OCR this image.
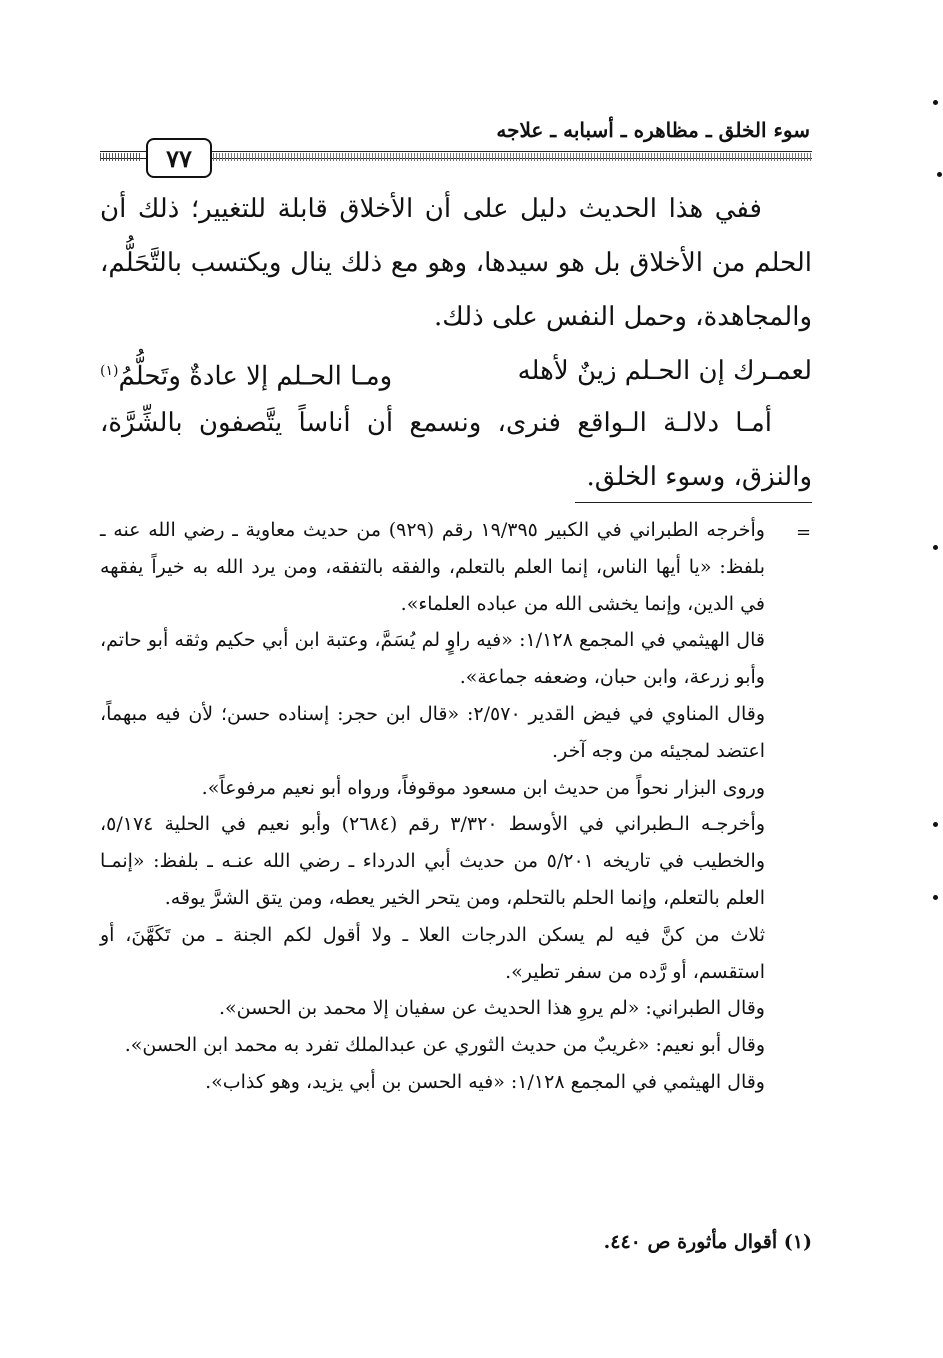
سوء الخلق ـ مظاهره ـ أسبابه ـ علاجه
٧٧

ففي هذا الحديث دليل على أن الأخلاق قابلة للتغيير؛ ذلك أن الحلم من الأخلاق بل هو سيدها، وهو مع ذلك ينال ويكتسب بالتَّحَلُّم، والمجاهدة، وحمل النفس على ذلك.

لعمـرك إن الحـلم زينٌ لأهله
ومـا الحـلم إلا عادةٌ وتَحلُّمُ$^{(١)}$

أمـا دلالـة الـواقع فنرى، ونسمع أن أناساً يتَّصفون بالشِّرَّة، والنزق، وسوء الخلق.

=

وأخرجه الطبراني في الكبير ١٩/٣٩٥ رقم (٩٢٩) من حديث معاوية ـ رضي الله عنه ـ بلفظ: «يا أيها الناس، إنما العلم بالتعلم، والفقه بالتفقه، ومن يرد الله به خيراً يفقهه في الدين، وإنما يخشى الله من عباده العلماء».

قال الهيثمي في المجمع ١/١٢٨: «فيه راوٍ لم يُسَمَّ، وعتبة ابن أبي حكيم وثقه أبو حاتم، وأبو زرعة، وابن حبان، وضعفه جماعة».

وقال المناوي في فيض القدير ٢/٥٧٠: «قال ابن حجر: إسناده حسن؛ لأن فيه مبهماً، اعتضد لمجيئه من وجه آخر.

وروى البزار نحواً من حديث ابن مسعود موقوفاً، ورواه أبو نعيم مرفوعاً».

وأخرجـه الـطبراني في الأوسط ٣/٣٢٠ رقم (٢٦٨٤) وأبو نعيم في الحلية ٥/١٧٤، والخطيب في تاريخه ٥/٢٠١ من حديث أبي الدرداء ـ رضي الله عنـه ـ بلفظ: «إنمـا العلم بالتعلم، وإنما الحلم بالتحلم، ومن يتحر الخير يعطه، ومن يتق الشرَّ يوقه.

ثلاث من كنَّ فيه لم يسكن الدرجات العلا ـ ولا أقول لكم الجنة ـ من تَكَهَّنَ، أو استقسم، أو رَّده من سفر تطير».

وقال الطبراني: «لم يروِ هذا الحديث عن سفيان إلا محمد بن الحسن».

وقال أبو نعيم: «غريبٌ من حديث الثوري عن عبدالملك تفرد به محمد ابن الحسن».

وقال الهيثمي في المجمع ١/١٢٨: «فيه الحسن بن أبي يزيد، وهو كذاب».

(١) أقوال مأثورة ص ٤٤٠.
